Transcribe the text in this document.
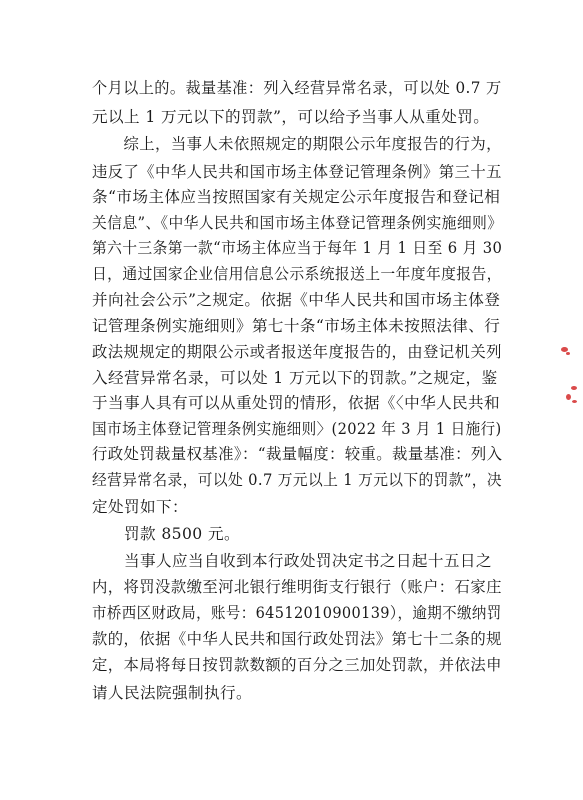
个月以上的。裁量基准：列入经营异常名录，可以处 0.7 万
元以上 1 万元以下的罚款”，可以给予当事人从重处罚。
　　综上，当事人未依照规定的期限公示年度报告的行为，
违反了《中华人民共和国市场主体登记管理条例》第三十五
条“市场主体应当按照国家有关规定公示年度报告和登记相
关信息”、《中华人民共和国市场主体登记管理条例实施细则》
第六十三条第一款“市场主体应当于每年 1 月 1 日至 6 月 30
日，通过国家企业信用信息公示系统报送上一年度年度报告，
并向社会公示”之规定。依据《中华人民共和国市场主体登
记管理条例实施细则》第七十条“市场主体未按照法律、行
政法规规定的期限公示或者报送年度报告的，由登记机关列
入经营异常名录，可以处 1 万元以下的罚款。”之规定，鉴
于当事人具有可以从重处罚的情形，依据《〈中华人民共和
国市场主体登记管理条例实施细则〉(2022 年 3 月 1 日施行)
行政处罚裁量权基准》：“裁量幅度：较重。裁量基准：列入
经营异常名录，可以处 0.7 万元以上 1 万元以下的罚款”，决
定处罚如下：
　　罚款 8500 元。
　　当事人应当自收到本行政处罚决定书之日起十五日之
内，将罚没款缴至河北银行维明街支行银行（账户：石家庄
市桥西区财政局，账号：64512010900139），逾期不缴纳罚
款的，依据《中华人民共和国行政处罚法》第七十二条的规
定，本局将每日按罚款数额的百分之三加处罚款，并依法申
请人民法院强制执行。
